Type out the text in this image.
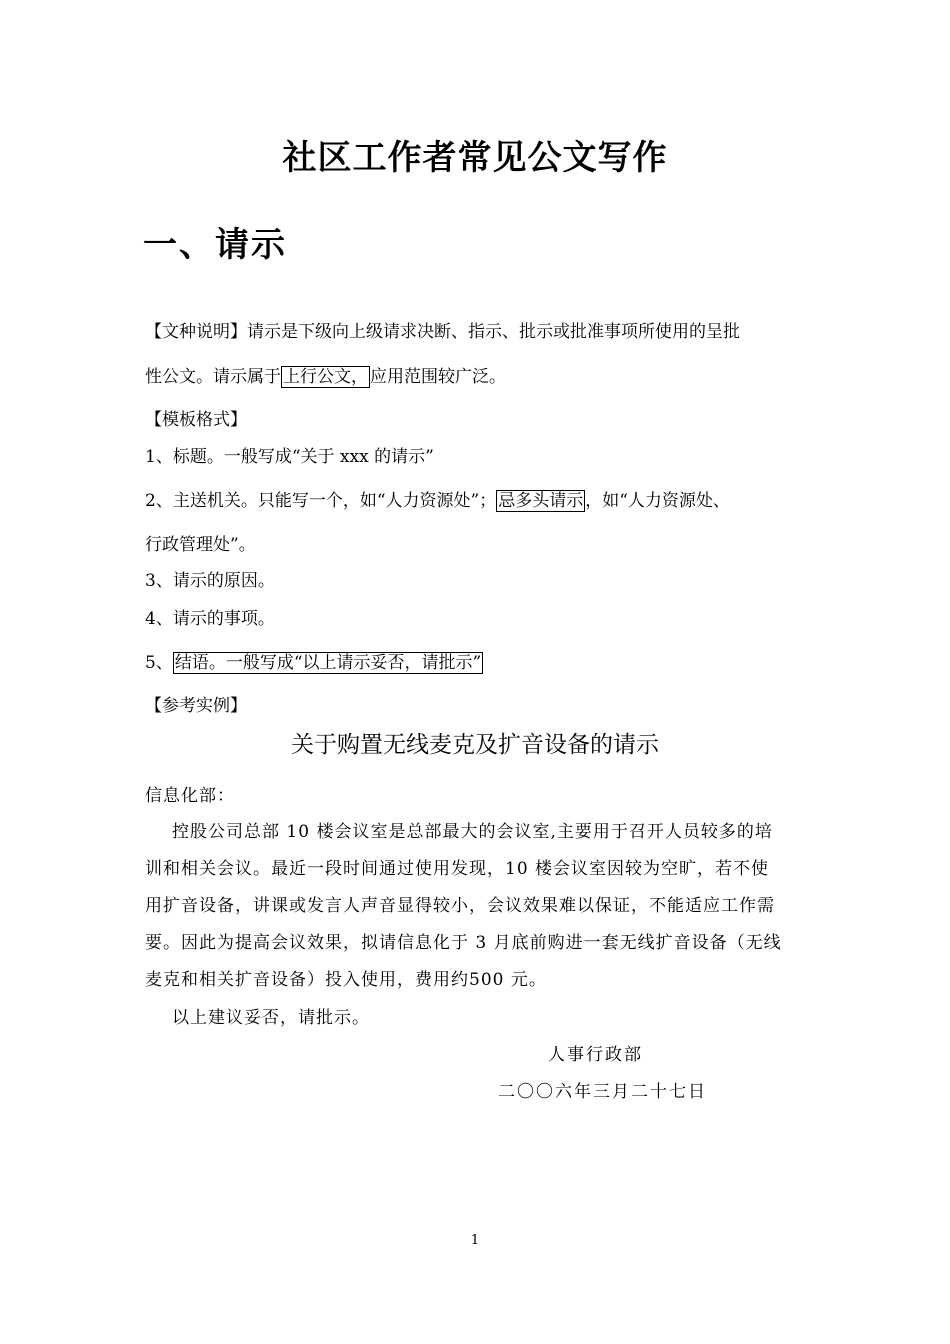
社区工作者常见公文写作
一、请示

【文种说明】请示是下级向上级请求决断、指示、批示或批准事项所使用的呈批

性公文。请示属于 上行公文， 应用范围较广泛。

【模板格式】

1、标题。一般写成“关于 xxx 的请示”

2、主送机关。只能写一个，如“人力资源处”； 忌多头请示 ，如“人力资源处、

行政管理处”。

3、请示的原因。

4、请示的事项。

5、 结语。一般写成“以上请示妥否，请批示”

【参考实例】

关于购置无线麦克及扩音设备的请示

信息化部：

控股公司总部 10 楼会议室是总部最大的会议室,主要用于召开人员较多的培

训和相关会议。最近一段时间通过使用发现，10 楼会议室因较为空旷，若不使

用扩音设备，讲课或发言人声音显得较小，会议效果难以保证，不能适应工作需

要。因此为提高会议效果，拟请信息化于 3 月底前购进一套无线扩音设备（无线

麦克和相关扩音设备）投入使用，费用约500 元。

以上建议妥否，请批示。

人事行政部

二〇〇六年三月二十七日

1
